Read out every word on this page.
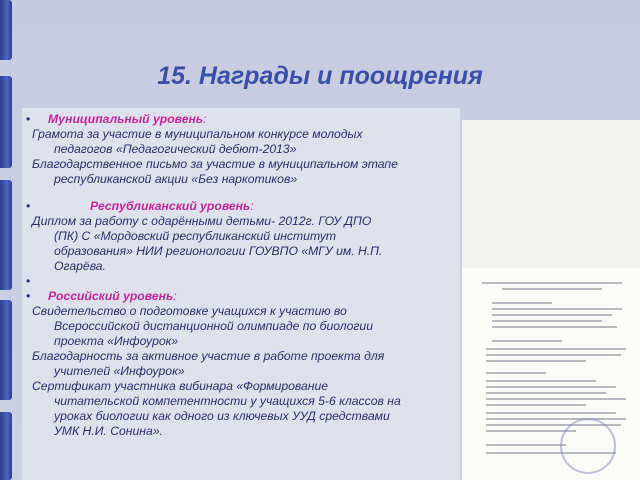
15. Награды и поощрения
•	Муниципальный уровень:
Грамота за участие в муниципальном конкурсе молодых
педагогов «Педагогический дебют-2013»
Благодарственное письмо за участие в муниципальном этапе
республиканской акции «Без наркотиков»
•	Республиканский уровень:
Диплом за работу с одарёнными детьми- 2012г. ГОУ ДПО
(ПК) С «Мордовский республиканский институт
образования» НИИ регионологии ГОУВПО «МГУ им. Н.П.
Огарёва.
•
•	Российский уровень:
Свидетельство о подготовке учащихся к участию во
Всероссийской дистанционной олимпиаде по биологии
проекта «Инфоурок»
Благодарность за активное участие в работе проекта для
учителей «Инфоурок»
Сертификат участника вибинара «Формирование
читательской компетентности у учащихся 5-6 классов на
уроках биологии как одного из ключевых УУД средствами
УМК Н.И. Сонина».
